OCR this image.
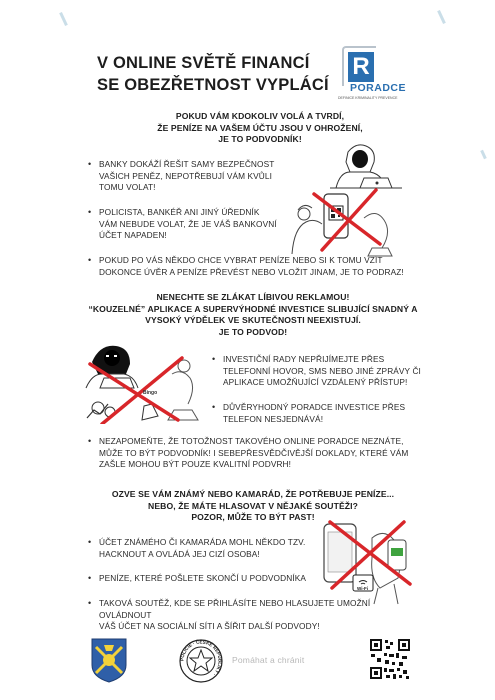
V ONLINE SVĚTĚ FINANCÍ
SE OBEZŘETNOST VYPLÁCÍ
R
PORADCE
DEFINICE KRIMINALITY PREVENCE
POKUD VÁM KDOKOLIV VOLÁ A TVRDÍ,
ŽE PENÍZE NA VAŠEM ÚČTU JSOU V OHROŽENÍ,
JE TO PODVODNÍK!
• BANKY DOKÁŽÍ ŘEŠIT SAMY BEZPEČNOST
VAŠICH PENĚZ, NEPOTŘEBUJÍ VÁM KVŮLI
TOMU VOLAT!
• POLICISTA, BANKÉŘ ANI JINÝ ÚŘEDNÍK
VÁM NEBUDE VOLAT, ŽE JE VÁŠ BANKOVNÍ
ÚČET NAPADEN!
• POKUD PO VÁS NĚKDO CHCE VYBRAT PENÍZE NEBO SI K TOMU VZÍT
DOKONCE ÚVĚR A PENÍZE PŘEVÉST NEBO VLOŽIT JINAM, JE TO PODRAZ!
NENECHTE SE ZLÁKAT LÍBIVOU REKLAMOU!
“KOUZELNÉ” APLIKACE A SUPERVÝHODNÉ INVESTICE SLIBUJÍCÍ SNADNÝ A
VYSOKÝ VÝDĚLEK VE SKUTEČNOSTI NEEXISTUJÍ.
JE TO PODVOD!
Bingo
• INVESTIČNÍ RADY NEPŘIJÍMEJTE PŘES
TELEFONNÍ HOVOR, SMS NEBO JINÉ ZPRÁVY ČI
APLIKACE UMOŽŇUJÍCÍ VZDÁLENÝ PŘÍSTUP!
• DŮVĚRYHODNÝ PORADCE INVESTICE PŘES
TELEFON NESJEDNÁVÁ!
• NEZAPOMEŇTE, ŽE TOTOŽNOST TAKOVÉHO ONLINE PORADCE NEZNÁTE,
MŮŽE TO BÝT PODVODNÍK! I SEBEPŘESVĚDČIVĚJŠÍ DOKLADY, KTERÉ VÁM
ZAŠLE MOHOU BÝT POUZE KVALITNÍ PODVRH!
OZVE SE VÁM ZNÁMÝ NEBO KAMARÁD, ŽE POTŘEBUJE PENÍZE...
NEBO, ŽE MÁTE HLASOVAT V NĚJAKÉ SOUTĚŽI?
POZOR, MŮŽE TO BÝT PAST!
Wi-Fi
• ÚČET ZNÁMÉHO ČI KAMARÁDA MOHL NĚKDO TZV.
HACKNOUT A OVLÁDÁ JEJ CIZÍ OSOBA!
• PENÍZE, KTERÉ POŠLETE SKONČÍ U PODVODNÍKA
• TAKOVÁ SOUTĚŽ, KDE SE PŘIHLÁSÍTE NEBO HLASUJETE UMOŽNÍ OVLÁDNOUT
VÁŠ ÚČET NA SOCIÁLNÍ SÍTI A ŠÍŘIT DALŠÍ PODVODY!
POLICIE · ČESKÉ REPUBLIKY ·
Pomáhat a chránit
